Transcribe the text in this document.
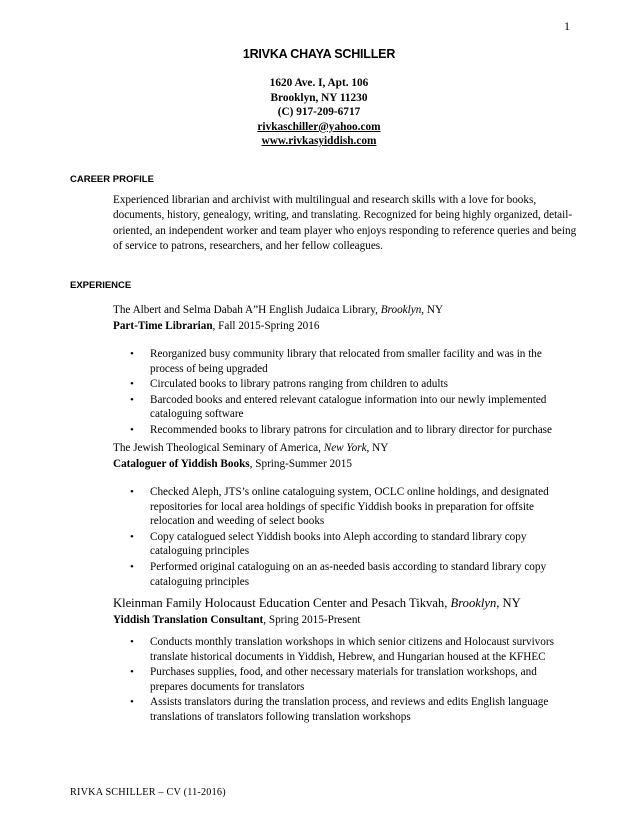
1
1RIVKA CHAYA SCHILLER
1620 Ave. I, Apt. 106
Brooklyn, NY 11230
(C) 917-209-6717
rivkaschiller@yahoo.com
www.rivkasyiddish.com
CAREER PROFILE
Experienced librarian and archivist with multilingual and research skills with a love for books, documents, history, genealogy, writing, and translating. Recognized for being highly organized, detail-oriented, an independent worker and team player who enjoys responding to reference queries and being of service to patrons, researchers, and her fellow colleagues.
EXPERIENCE
The Albert and Selma Dabah A”H English Judaica Library, Brooklyn, NY
Part-Time Librarian, Fall 2015-Spring 2016
• Reorganized busy community library that relocated from smaller facility and was in the process of being upgraded
• Circulated books to library patrons ranging from children to adults
• Barcoded books and entered relevant catalogue information into our newly implemented cataloguing software
• Recommended books to library patrons for circulation and to library director for purchase
The Jewish Theological Seminary of America, New York, NY
Cataloguer of Yiddish Books, Spring-Summer 2015
• Checked Aleph, JTS’s online cataloguing system, OCLC online holdings, and designated repositories for local area holdings of specific Yiddish books in preparation for offsite relocation and weeding of select books
• Copy catalogued select Yiddish books into Aleph according to standard library copy cataloguing principles
• Performed original cataloguing on an as-needed basis according to standard library copy cataloguing principles
Kleinman Family Holocaust Education Center and Pesach Tikvah, Brooklyn, NY
Yiddish Translation Consultant, Spring 2015-Present
• Conducts monthly translation workshops in which senior citizens and Holocaust survivors translate historical documents in Yiddish, Hebrew, and Hungarian housed at the KFHEC
• Purchases supplies, food, and other necessary materials for translation workshops, and prepares documents for translators
• Assists translators during the translation process, and reviews and edits English language translations of translators following translation workshops
RIVKA SCHILLER – CV (11-2016)
